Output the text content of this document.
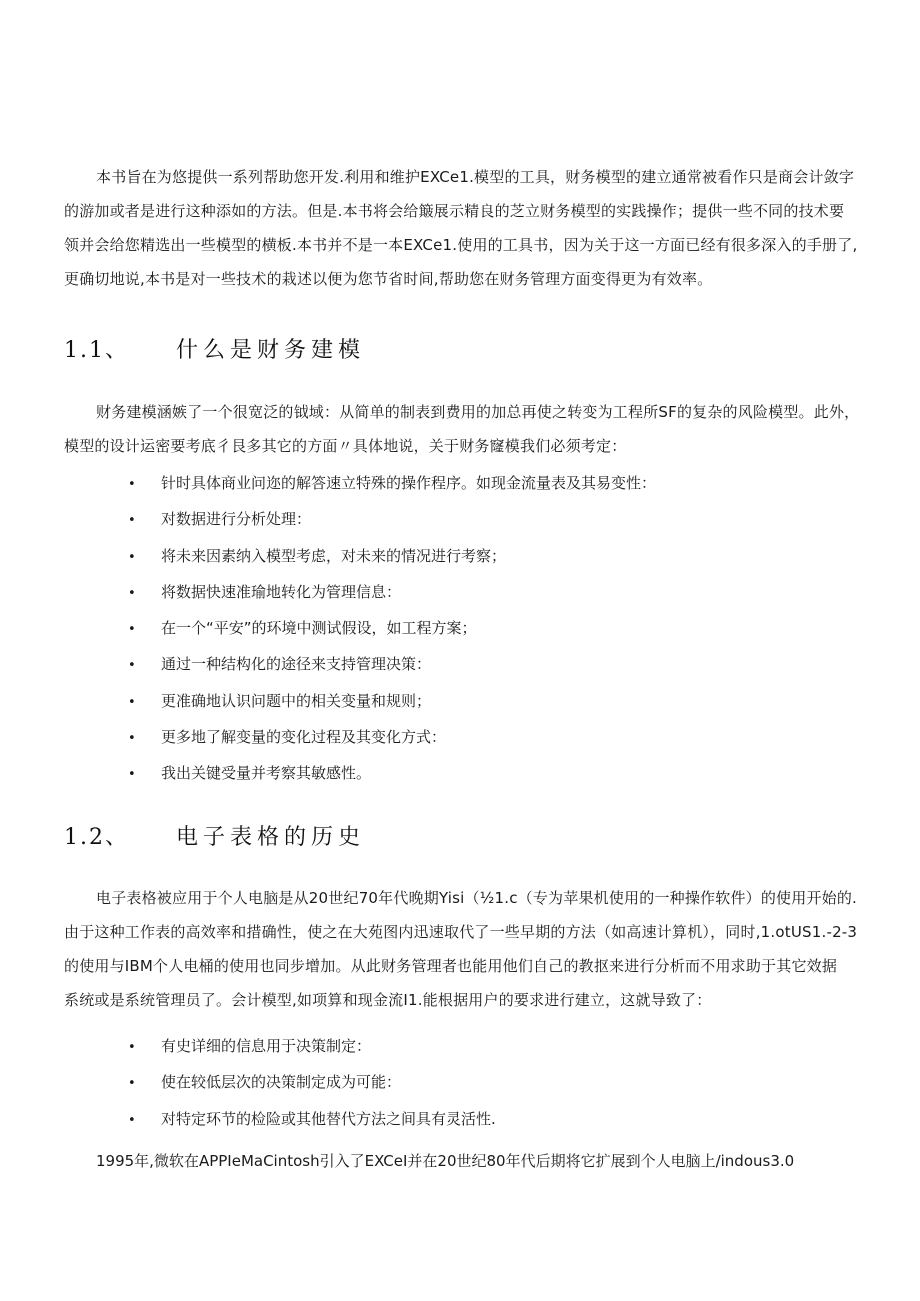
本书旨在为悠提供一系列帮助您开发.利用和维护EXCe1.模型的工具，财务模型的建立通常被看作只是商会计敛字
的游加或者是进行这种添如的方法。但是.本书将会给簸展示精良的芝立财务模型的实践操作；提供一些不同的技术要
领并会给您精选出一些模型的横板.本书并不是一本EXCe1.使用的工具书，因为关于这一方面已经有很多深入的手册了,
更确切地说,本书是对一些技术的栽述以便为您节省时间,帮助您在财务管理方面变得更为有效率。
1.1、 什么是财务建模
财务建模涵嫉了一个很宽泛的钺域：从简单的制表到费用的加总再使之转变为工程所SF的复杂的风险模型。此外，
模型的设计运密要考底彳艮多其它的方面〃具体地说，关于财务窿模我们必须考定：
• 针时具体商业问迩的解答速立特殊的操作程序。如现金流量表及其易变性：
• 对数据进行分析处理：
• 将未来因素纳入模型考虑，对未来的情况进行考察；
• 将数据快速准瑜地转化为管理信息：
• 在一个“平安”的环境中测试假设，如工程方案；
• 通过一种结构化的途径来支持管理决策：
• 更准确地认识问题中的相关变量和规则；
• 更多地了解变量的变化过程及其变化方式：
• 我出关键受量并考察其敏感性。
1.2、 电子表格的历史
电子表格被应用于个人电脑是从20世纪70年代晚期Yisi（½1.c（专为苹果机使用的一种操作软件）的使用开始的.
由于这种工作表的高效率和措确性，使之在大苑图内迅速取代了一些早期的方法（如高速计算机），同时,1.otUS1.-2-3
的使用与IBM个人电桶的使用也同步增加。从此财务管理者也能用他们自己的教抠来进行分析而不用求助于其它效据
系统或是系统管理员了。会计模型,如项算和现金流I1.能根据用户的要求进行建立，这就导致了：
• 有史详细的信息用于决策制定：
• 使在较低层次的决策制定成为可能：
• 对特定环节的检险或其他替代方法之间具有灵活性.

1995年,微软在APPIeMaCintosh引入了EXCeI并在20世纪80年代后期将它扩展到个人电脑上/indous3.0
